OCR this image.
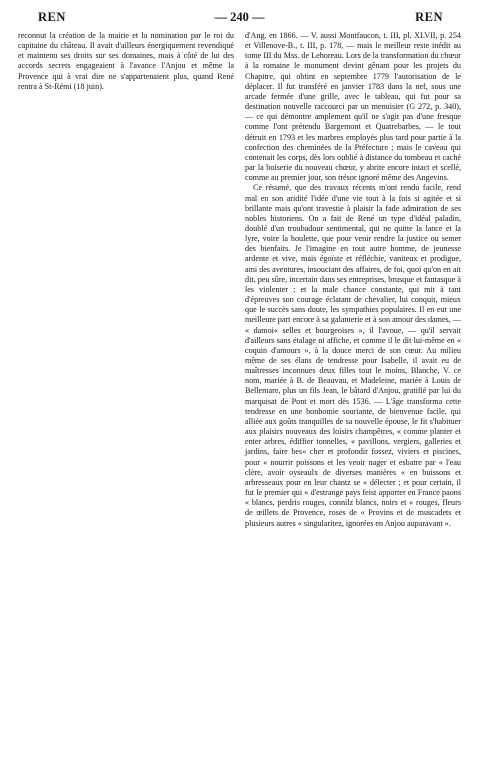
REN	— 240 —	REN

reconnut la création de la mairie et la nomination par le roi du capitaine du château. Il avait d'ailleurs énergiquement revendiqué et maintenu ses droits sur ses domaines, mais à côté de lui des accords secrets engageaient à l'avance l'Anjou et même la Provence qui à vrai dire ne s'appartenaient plus, quand René rentra à St-Rémi (18 juin).

d'Ang. en 1866. — V. aussi Montfaucon, t. III, pl. XLVII, p. 254 et Villenove-B., t. III, p. 178, — mais le meilleur reste inédit au tome III du Mss. de Lehoreau. Lors de la transformation du chœur à la romaine le monument devint gênant pour les projets du Chapitre, qui obtint en septembre 1779 l'autorisation de le déplacer. Il fut transféré en janvier 1783 dans la nef, sous une arcade fermée d'une grille, avec le tableau, qui fut pour sa destination nouvelle raccourci par un menuisier (G 272, p. 340), — ce qui démontre amplement qu'il ne s'agit pas d'une fresque comme l'ont prétendu Bargemont et Quatrebarbes, — le tout détruit en 1793 et les marbres employés plus tard pour partie à la confection des cheminées de la Préfecture ; mais le caveau qui contenait les corps, dès lors oublié à distance du tombeau et caché par la boiserie du nouveau chœur, y abrite encore intact et scellé, comme au premier jour, son trésor ignoré même des Angevins.

Ce résumé, que des travaux récents m'ont rendu facile, rend mal en son aridité l'idée d'une vie tout à la fois si agitée et si brillante mais qu'ont travestie à plaisir la fade admiration de ses nobles historiens. On a fait de René un type d'idéal paladin, doublé d'un troubadour sentimental, qui ne quitte la lance et la lyre, voire la houlette, que pour venir rendre la justice ou semer des bienfaits. Je l'imagine en tout autre homme, de jeunesse ardente et vive, mais égoïste et réfléchie, vaniteux et prodigue, ami des aventures, insouciant des affaires, de foi, quoi qu'on en ait dit, peu sûre, incertain dans ses entreprises, brusque et fantasque à les violenter ; et la male chance constante, qui mit à tant d'épreuves son courage éclatant de chevalier, lui conquit, mieux que le succès sans doute, les sympathies populaires. Il en eut une meilleure part encore à sa galanterie et à son amour des dames, — « damoi« selles et bourgeoises », il l'avoue, — qu'il servait d'ailleurs sans étalage ni affiche, et comme il le dit lui-même en « coquin d'amours », à la douce merci de son cœur. Au milieu même de ses élans de tendresse pour Isabelle, il avait eu de maîtresses inconnues deux filles tout le moins, Blanche, V. ce nom, mariée à B. de Beauvau, et Madeleine, mariée à Louis de Bellemare, plus un fils Jean, le bâtard d'Anjou, gratifié par lui du marquisat de Pont et mort dès 1536. — L'âge transforma cette tendresse en une bonhomie souriante, de bienvenue facile, qui alliée aux goûts tranquilles de sa nouvelle épouse, le fit s'habituer aux plaisirs nouveaux des loisirs champêtres, « comme planter et enter arbres, édiffier tonnelles, « pavillons, vergiers, galleries et jardins, faire bes« cher et profondir fossez, viviers et piscines, pour « nourrir poissons et les veoir nager et esbatre par « l'eau clère, avoir oyseaulx de diverses manières « en buissons et arbresseaux pour en leur chantz se « délecter ; et pour certain, il fut le premier qui « d'estrange pays feist apporter en France paons « blancs, perdris rouges, connilz blancs, noirs et « rouges, fleurs de œillets de Provence, roses de « Provins et de muscadets et plusieurs autres « singularitez, ignorées en Anjou auparavant ».
